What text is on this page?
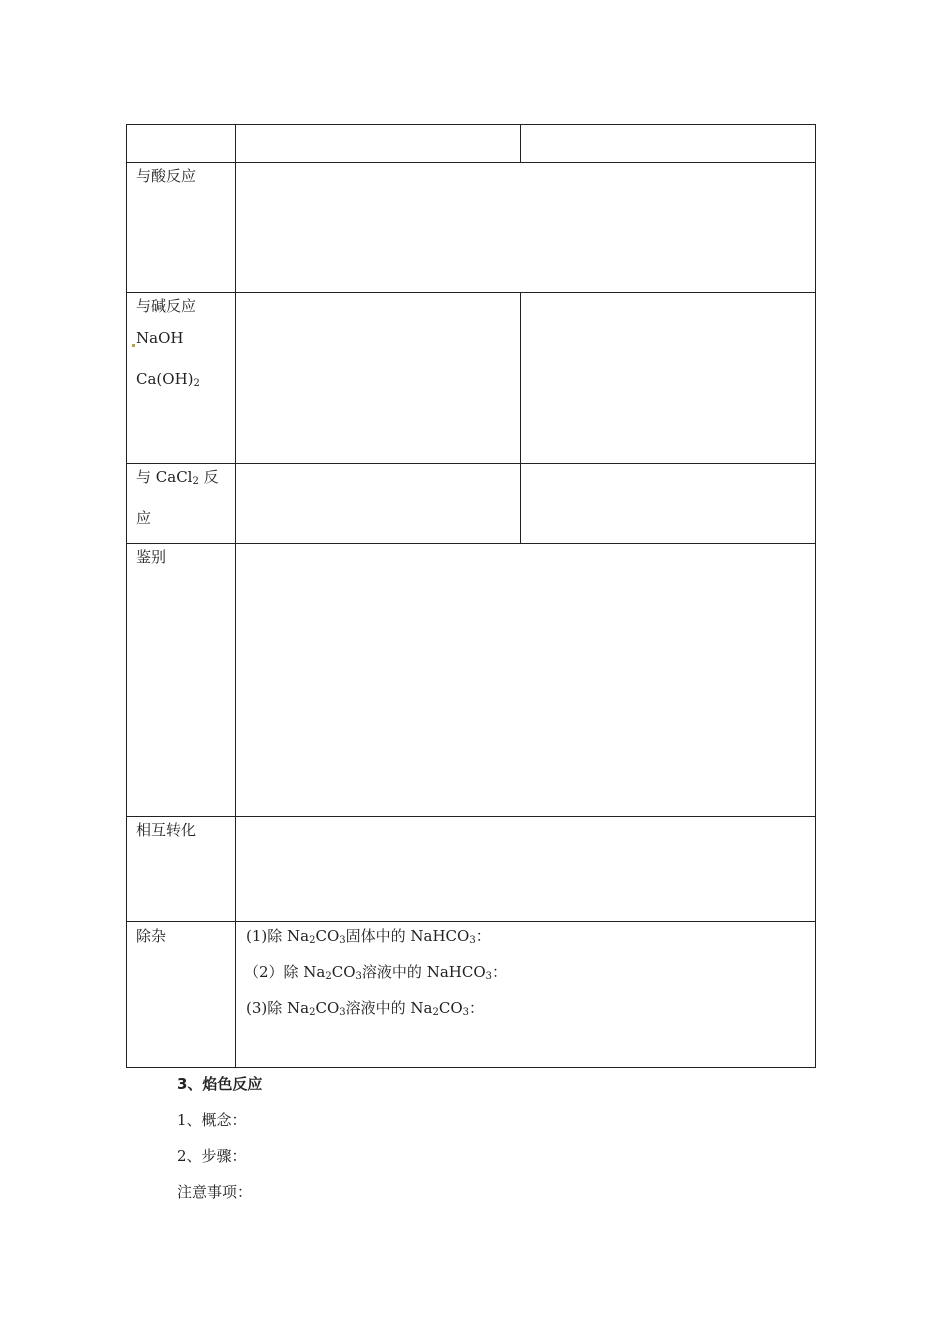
与酸反应
与碱反应
NaOH
$Ca(OH)_2$
与 CaCl$_2$ 反
应
鉴别
相互转化
除杂	(1)除 $Na_2CO_3$固体中的 NaHCO$_3$：
（2）除 $Na_2CO_3$溶液中的 NaHCO$_3$：
(3)除 $Na_2CO_3$溶液中的 $Na_2CO_3$：
3、焰色反应
1、概念：
2、步骤：
注意事项：
